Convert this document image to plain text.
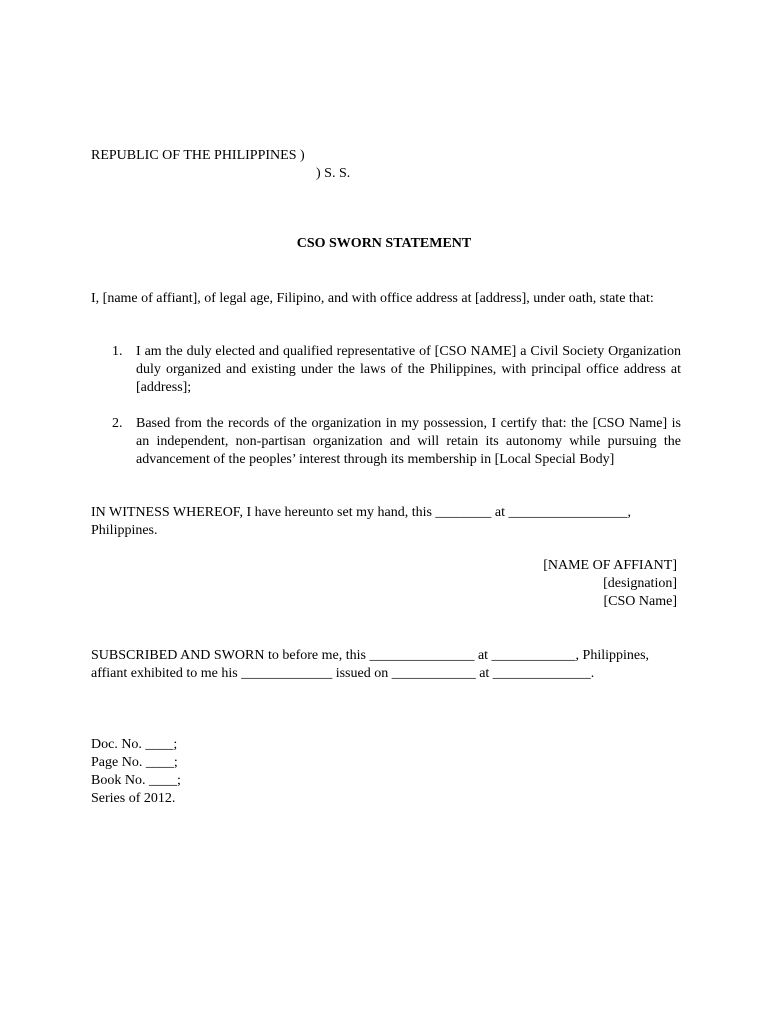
REPUBLIC OF THE PHILIPPINES )
) S. S.
CSO SWORN STATEMENT
I, [name of affiant], of legal age, Filipino, and with office address at [address], under oath, state that:
1. I am the duly elected and qualified representative of [CSO NAME] a Civil Society Organization duly organized and existing under the laws of the Philippines, with principal office address at [address];
2. Based from the records of the organization in my possession, I certify that: the [CSO Name] is an independent, non-partisan organization and will retain its autonomy while pursuing the advancement of the peoples’ interest through its membership in [Local Special Body]
IN WITNESS WHEREOF, I have hereunto set my hand, this ________ at _________________, Philippines.
[NAME OF AFFIANT]
[designation]
[CSO Name]
SUBSCRIBED AND SWORN to before me, this _______________ at ____________, Philippines, affiant exhibited to me his _____________ issued on ____________ at ______________.
Doc. No. ____;
Page No. ____;
Book No. ____;
Series of 2012.
